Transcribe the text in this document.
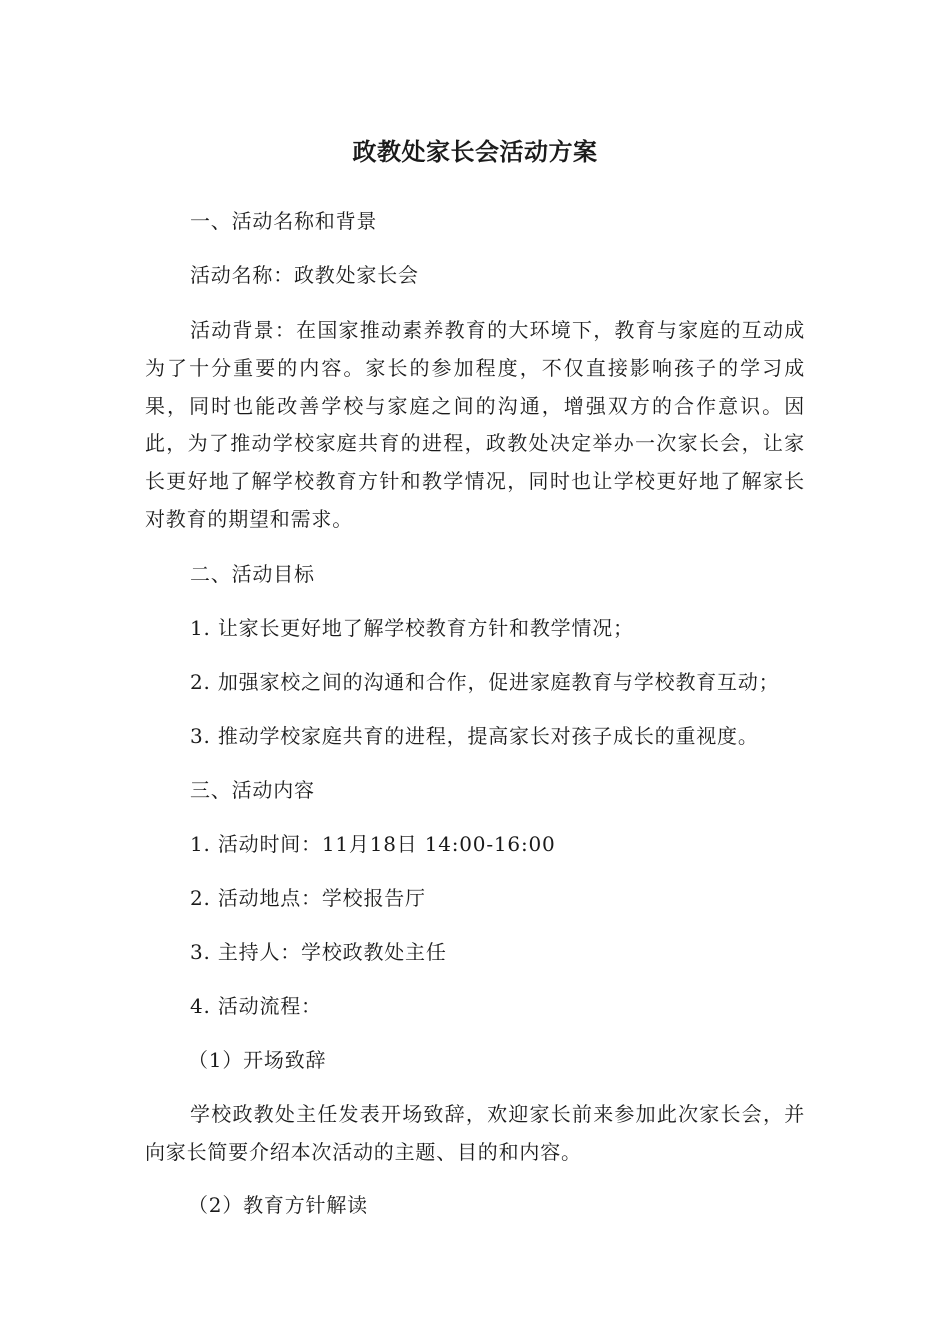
政教处家长会活动方案
一、活动名称和背景
活动名称：政教处家长会
活动背景：在国家推动素养教育的大环境下，教育与家庭的互动成为了十分重要的内容。家长的参加程度，不仅直接影响孩子的学习成果，同时也能改善学校与家庭之间的沟通，增强双方的合作意识。因此，为了推动学校家庭共育的进程，政教处决定举办一次家长会，让家长更好地了解学校教育方针和教学情况，同时也让学校更好地了解家长对教育的期望和需求。
二、活动目标
1. 让家长更好地了解学校教育方针和教学情况；
2. 加强家校之间的沟通和合作，促进家庭教育与学校教育互动；
3. 推动学校家庭共育的进程，提高家长对孩子成长的重视度。
三、活动内容
1. 活动时间：11月18日 14:00-16:00
2. 活动地点：学校报告厅
3. 主持人：学校政教处主任
4. 活动流程：
（1）开场致辞
学校政教处主任发表开场致辞，欢迎家长前来参加此次家长会，并向家长简要介绍本次活动的主题、目的和内容。
（2）教育方针解读
